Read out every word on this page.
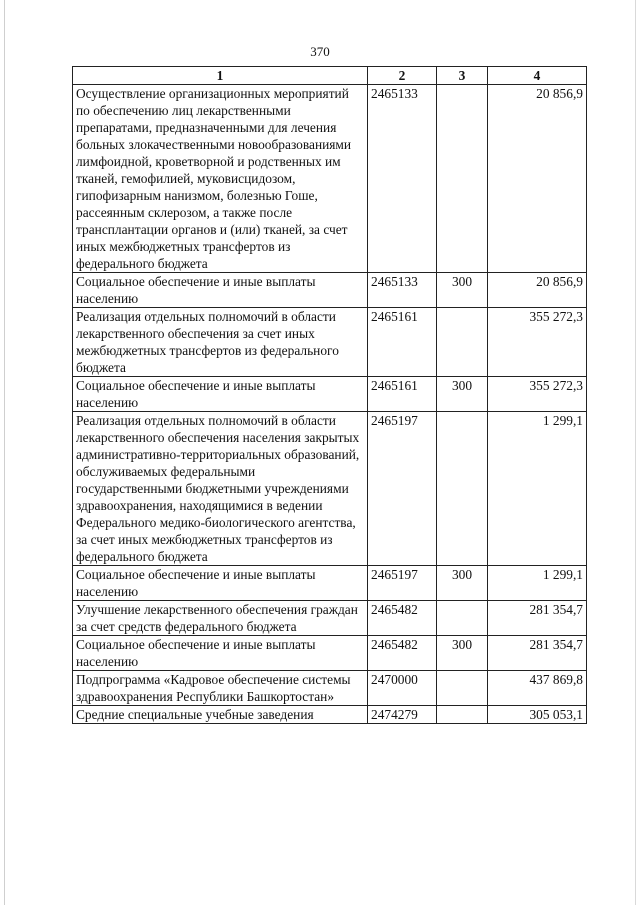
370
1	2	3	4
Осуществление организационных мероприятий по обеспечению лиц лекарственными препаратами, предназначенными для лечения больных злокачественными новообразованиями лимфоидной, кроветворной и родственных им тканей, гемофилией, муковисцидозом, гипофизарным нанизмом, болезнью Гоше, рассеянным склерозом, а также после трансплантации органов и (или) тканей, за счет иных межбюджетных трансфертов из федерального бюджета	2465133		20 856,9
Социальное обеспечение и иные выплаты населению	2465133	300	20 856,9
Реализация отдельных полномочий в области лекарственного обеспечения за счет иных межбюджетных трансфертов из федерального бюджета	2465161		355 272,3
Социальное обеспечение и иные выплаты населению	2465161	300	355 272,3
Реализация отдельных полномочий в области лекарственного обеспечения населения закрытых административно-территориальных образований, обслуживаемых федеральными государственными бюджетными учреждениями здравоохранения, находящимися в ведении Федерального медико-биологического агентства, за счет иных межбюджетных трансфертов из федерального бюджета	2465197		1 299,1
Социальное обеспечение и иные выплаты населению	2465197	300	1 299,1
Улучшение лекарственного обеспечения граждан за счет средств федерального бюджета	2465482		281 354,7
Социальное обеспечение и иные выплаты населению	2465482	300	281 354,7
Подпрограмма «Кадровое обеспечение системы здравоохранения Республики Башкортостан»	2470000		437 869,8
Средние специальные учебные заведения	2474279		305 053,1
